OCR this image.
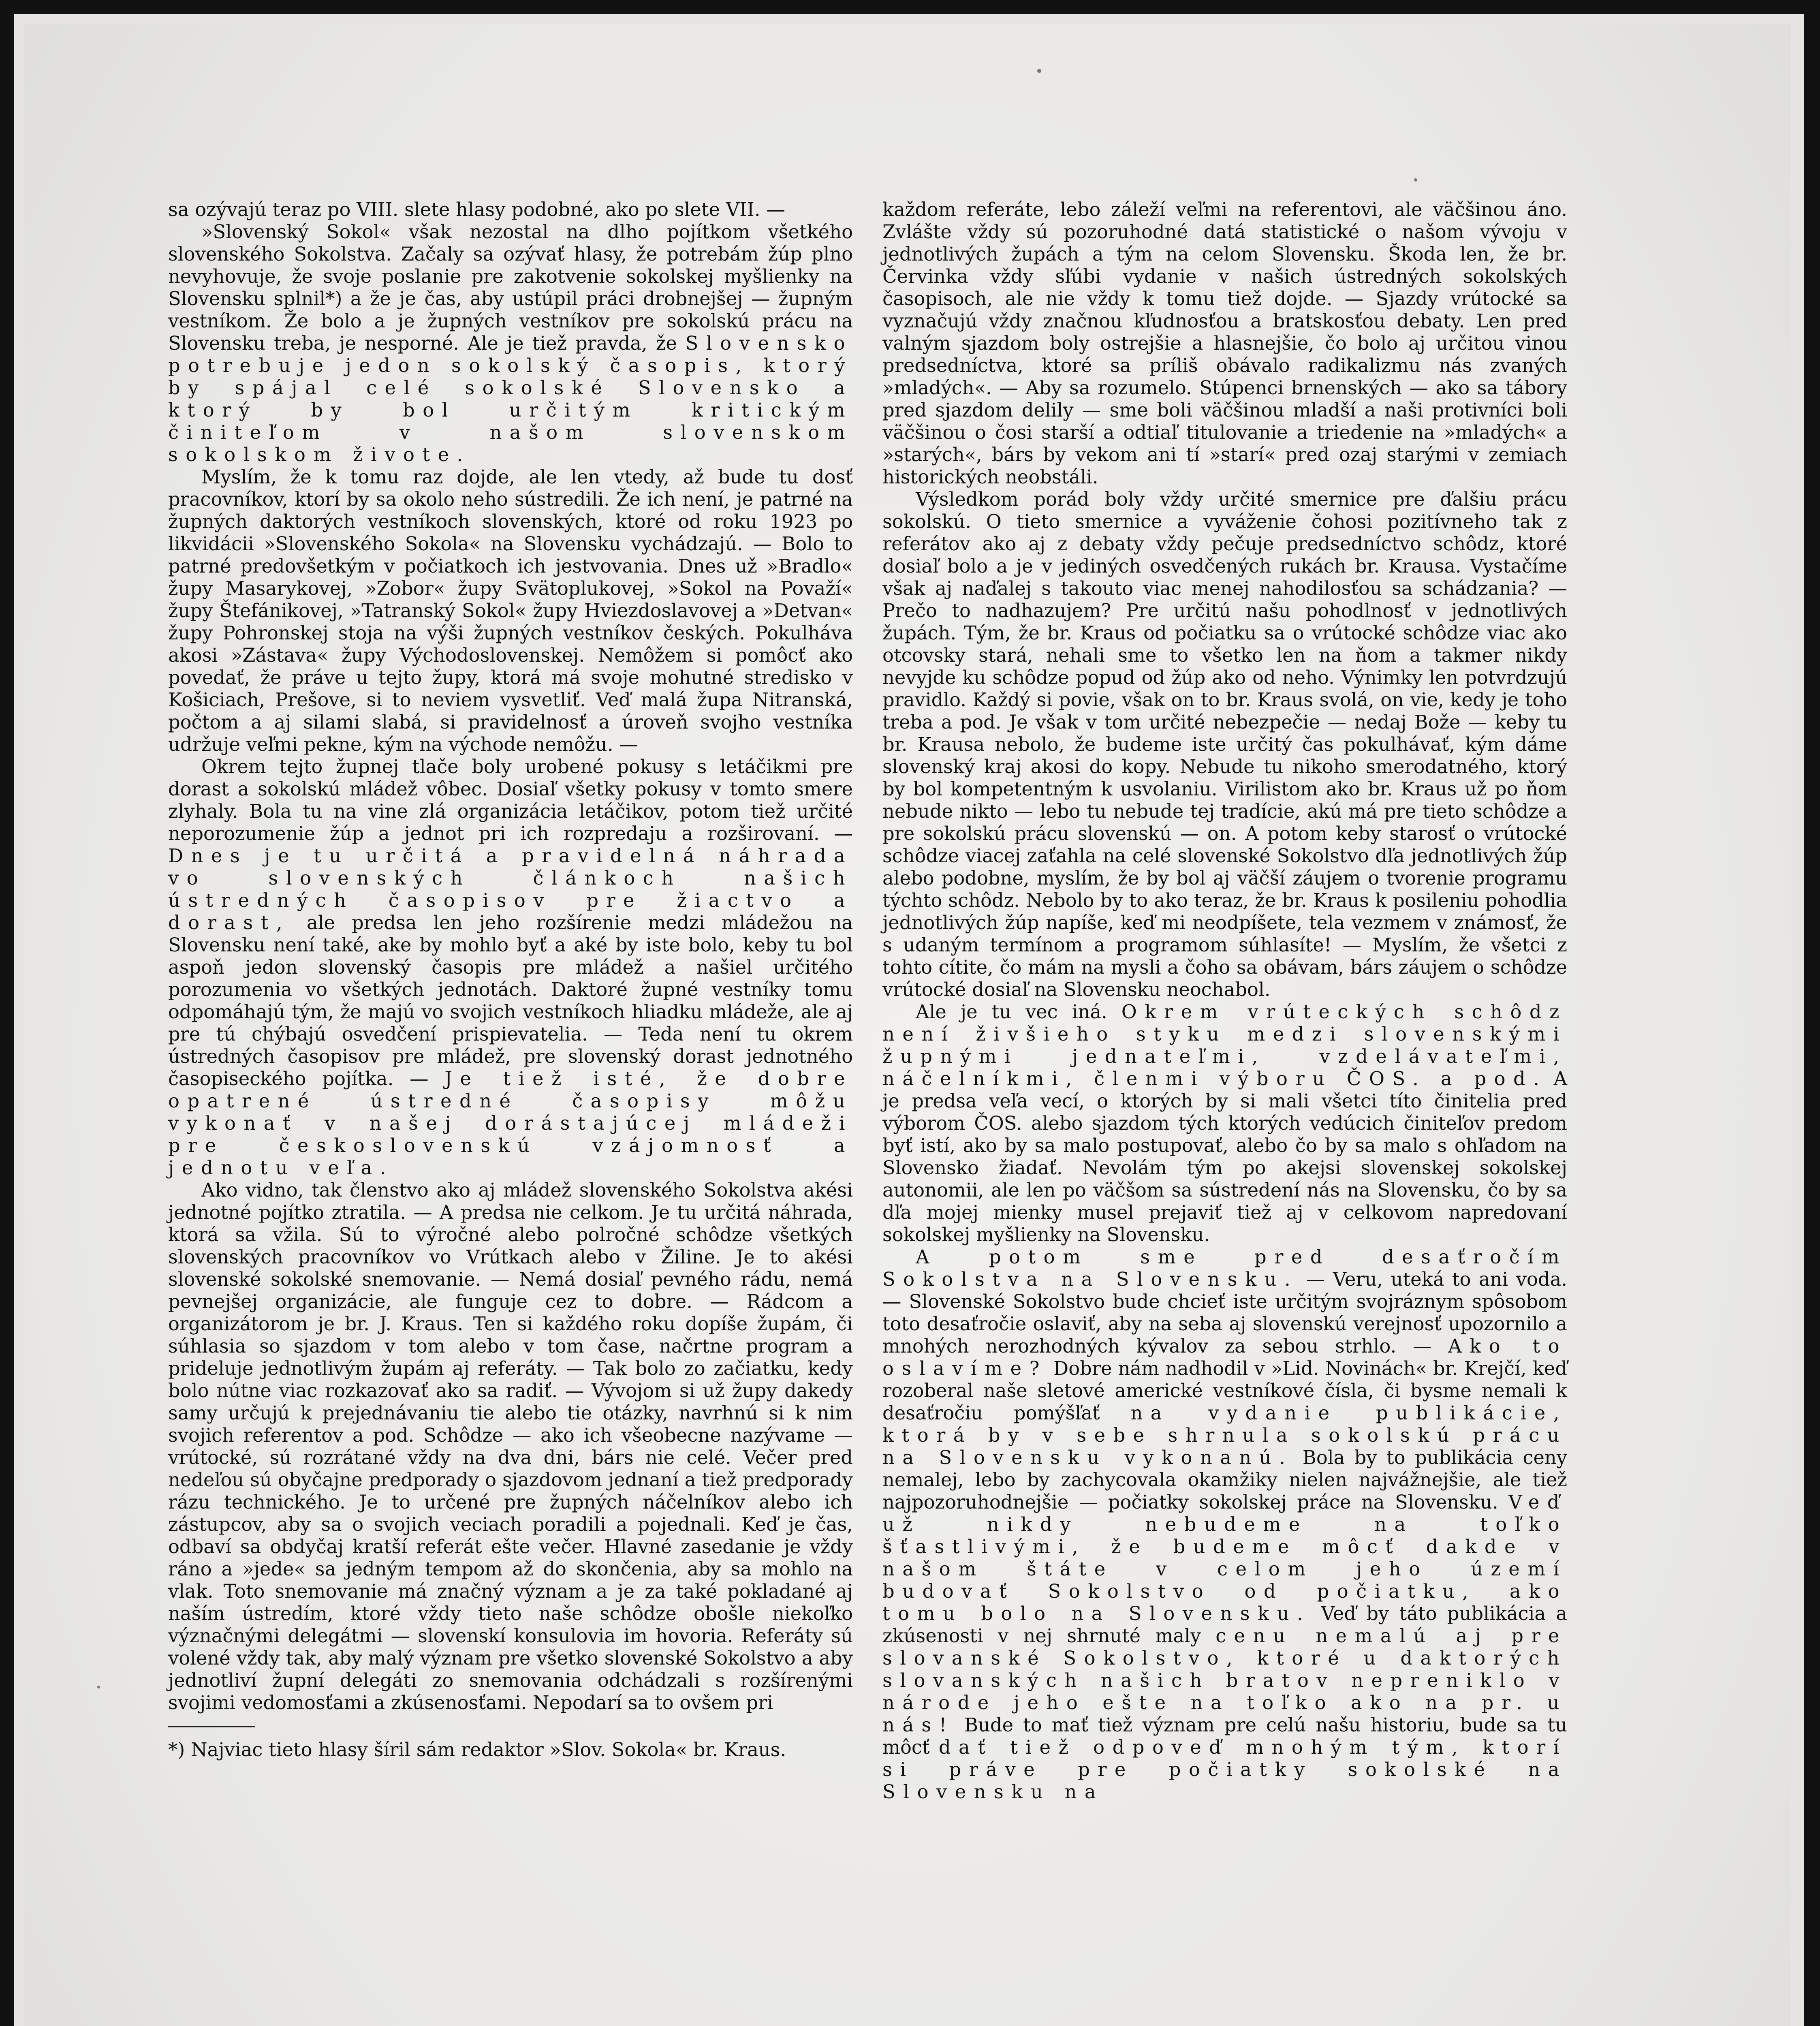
sa ozývajú teraz po VIII. slete hlasy podobné, ako po slete VII. —

»Slovenský Sokol« však nezostal na dlho pojítkom všetkého slovenského Sokolstva. Začaly sa ozývať hlasy, že potrebám žúp plno nevyhovuje, že svoje poslanie pre zakotvenie sokolskej myšlienky na Slovensku splnil*) a že je čas, aby ustúpil práci drobnejšej — župným vestníkom. Že bolo a je župných vestníkov pre sokolskú prácu na Slovensku treba, je nesporné. Ale je tiež pravda, že Slovensko potrebuje jedon sokolský časopis, ktorý by spájal celé sokolské Slovensko a ktorý by bol určitým kritickým činiteľom v našom slovenskom sokolskom živote.

Myslím, že k tomu raz dojde, ale len vtedy, až bude tu dosť pracovníkov, ktorí by sa okolo neho sústredili. Že ich není, je patrné na župných daktorých vestníkoch slovenských, ktoré od roku 1923 po likvidácii »Slovenského Sokola« na Slovensku vychádzajú. — Bolo to patrné predovšetkým v počiatkoch ich jestvovania. Dnes už »Bradlo« župy Masarykovej, »Zobor« župy Svätoplukovej, »Sokol na Považí« župy Štefánikovej, »Tatranský Sokol« župy Hviezdoslavovej a »Detvan« župy Pohronskej stoja na výši župných vestníkov českých. Pokulháva akosi »Zástava« župy Východoslovenskej. Nemôžem si pomôcť ako povedať, že práve u tejto župy, ktorá má svoje mohutné stredisko v Košiciach, Prešove, si to neviem vysvetliť. Veď malá župa Nitranská, počtom a aj silami slabá, si pravidelnosť a úroveň svojho vestníka udržuje veľmi pekne, kým na východe nemôžu. —

Okrem tejto župnej tlače boly urobené pokusy s letáčikmi pre dorast a sokolskú mládež vôbec. Dosiaľ všetky pokusy v tomto smere zlyhaly. Bola tu na vine zlá organizácia letáčikov, potom tiež určité neporozumenie žúp a jednot pri ich rozpredaju a rozširovaní. — Dnes je tu určitá a pravidelná náhrada vo slovenských článkoch našich ústredných časopisov pre žiactvo a dorast, ale predsa len jeho rozšírenie medzi mládežou na Slovensku není také, ake by mohlo byť a aké by iste bolo, keby tu bol aspoň jedon slovenský časopis pre mládež a našiel určitého porozumenia vo všetkých jednotách. Daktoré župné vestníky tomu odpomáhajú tým, že majú vo svojich vestníkoch hliadku mládeže, ale aj pre tú chýbajú osvedčení prispievatelia. — Teda není tu okrem ústredných časopisov pre mládež, pre slovenský dorast jednotného časopiseckého pojítka. — Je tiež isté, že dobre opatrené ústredné časopisy môžu vykonať v našej dorástajúcej mládeži pre československú vzájomnosť a jednotu veľa.

Ako vidno, tak členstvo ako aj mládež slovenského Sokolstva akési jednotné pojítko ztratila. — A predsa nie celkom. Je tu určitá náhrada, ktorá sa vžila. Sú to výročné alebo polročné schôdze všetkých slovenských pracovníkov vo Vrútkach alebo v Žiline. Je to akési slovenské sokolské snemovanie. — Nemá dosiaľ pevného rádu, nemá pevnejšej organizácie, ale funguje cez to dobre. — Rádcom a organizátorom je br. J. Kraus. Ten si každého roku dopíše župám, či súhlasia so sjazdom v tom alebo v tom čase, načrtne program a prideluje jednotlivým župám aj referáty. — Tak bolo zo začiatku, kedy bolo nútne viac rozkazovať ako sa radiť. — Vývojom si už župy dakedy samy určujú k prejednávaniu tie alebo tie otázky, navrhnú si k nim svojich referentov a pod. Schôdze — ako ich všeobecne nazývame — vrútocké, sú rozrátané vždy na dva dni, bárs nie celé. Večer pred nedeľou sú obyčajne predporady o sjazdovom jednaní a tiež predporady rázu technického. Je to určené pre župných náčelníkov alebo ich zástupcov, aby sa o svojich veciach poradili a pojednali. Keď je čas, odbaví sa obdyčaj kratší referát ešte večer. Hlavné zasedanie je vždy ráno a »jede« sa jedným tempom až do skončenia, aby sa mohlo na vlak. Toto snemovanie má značný význam a je za také pokladané aj naším ústredím, ktoré vždy tieto naše schôdze obošle niekoľko význačnými delegátmi — slovenskí konsulovia im hovoria. Referáty sú volené vždy tak, aby malý význam pre všetko slovenské Sokolstvo a aby jednotliví župní delegáti zo snemovania odchádzali s rozšírenými svojimi vedomosťami a zkúsenosťami. Nepodarí sa to ovšem pri

*) Najviac tieto hlasy šíril sám redaktor »Slov. Sokola« br. Kraus.

každom referáte, lebo záleží veľmi na referentovi, ale väčšinou áno. Zvlášte vždy sú pozoruhodné datá statistické o našom vývoju v jednotlivých župách a tým na celom Slovensku. Škoda len, že br. Červinka vždy sľúbi vydanie v našich ústredných sokolských časopisoch, ale nie vždy k tomu tiež dojde. — Sjazdy vrútocké sa vyznačujú vždy značnou kľudnosťou a bratskosťou debaty. Len pred valným sjazdom boly ostrejšie a hlasnejšie, čo bolo aj určitou vinou predsedníctva, ktoré sa príliš obávalo radikalizmu nás zvaných »mladých«. — Aby sa rozumelo. Stúpenci brnenských — ako sa tábory pred sjazdom delily — sme boli väčšinou mladší a naši protivníci boli väčšinou o čosi starší a odtiaľ titulovanie a triedenie na »mladých« a »starých«, bárs by vekom ani tí »starí« pred ozaj starými v zemiach historických neobstáli.

Výsledkom porád boly vždy určité smernice pre ďalšiu prácu sokolskú. O tieto smernice a vyváženie čohosi pozitívneho tak z referátov ako aj z debaty vždy pečuje predsedníctvo schôdz, ktoré dosiaľ bolo a je v jediných osvedčených rukách br. Krausa. Vystačíme však aj naďalej s takouto viac menej nahodilosťou sa schádzania? — Prečo to nadhazujem? Pre určitú našu pohodlnosť v jednotlivých župách. Tým, že br. Kraus od počiatku sa o vrútocké schôdze viac ako otcovsky stará, nehali sme to všetko len na ňom a takmer nikdy nevyjde ku schôdze popud od žúp ako od neho. Výnimky len potvrdzujú pravidlo. Každý si povie, však on to br. Kraus svolá, on vie, kedy je toho treba a pod. Je však v tom určité nebezpečie — nedaj Bože — keby tu br. Krausa nebolo, že budeme iste určitý čas pokulhávať, kým dáme slovenský kraj akosi do kopy. Nebude tu nikoho smerodatného, ktorý by bol kompetentným k usvolaniu. Virilistom ako br. Kraus už po ňom nebude nikto — lebo tu nebude tej tradície, akú má pre tieto schôdze a pre sokolskú prácu slovenskú — on. A potom keby starosť o vrútocké schôdze viacej zaťahla na celé slovenské Sokolstvo dľa jednotlivých žúp alebo podobne, myslím, že by bol aj väčší záujem o tvorenie programu týchto schôdz. Nebolo by to ako teraz, že br. Kraus k posileniu pohodlia jednotlivých žúp napíše, keď mi neodpíšete, tela vezmem v známosť, že s udaným termínom a programom súhlasíte! — Myslím, že všetci z tohto cítite, čo mám na mysli a čoho sa obávam, bárs záujem o schôdze vrútocké dosiaľ na Slovensku neochabol.

Ale je tu vec iná. Okrem vrúteckých schôdz není živšieho styku medzi slovenskými župnými jednateľmi, vzdelávateľmi, náčelníkmi, členmi výboru ČOS. a pod. A je predsa veľa vecí, o ktorých by si mali všetci títo činitelia pred výborom ČOS. alebo sjazdom tých ktorých vedúcich činiteľov predom byť istí, ako by sa malo postupovať, alebo čo by sa malo s ohľadom na Slovensko žiadať. Nevolám tým po akejsi slovenskej sokolskej autonomii, ale len po väčšom sa sústredení nás na Slovensku, čo by sa dľa mojej mienky musel prejaviť tiež aj v celkovom napredovaní sokolskej myšlienky na Slovensku.

A potom sme pred desaťročím Sokolstva na Slovensku. — Veru, uteká to ani voda. — Slovenské Sokolstvo bude chcieť iste určitým svojráznym spôsobom toto desaťročie oslaviť, aby na seba aj slovenskú verejnosť upozornilo a mnohých nerozhodných kývalov za sebou strhlo. — Ako to oslavíme? Dobre nám nadhodil v »Lid. Novinách« br. Krejčí, keď rozoberal naše sletové americké vestníkové čísla, či bysme nemali k desaťročiu pomýšľať na vydanie publikácie, ktorá by v sebe shrnula sokolskú prácu na Slovensku vykonanú. Bola by to publikácia ceny nemalej, lebo by zachycovala okamžiky nielen najvážnejšie, ale tiež najpozoruhodnejšie — počiatky sokolskej práce na Slovensku. Veď už nikdy nebudeme na toľko šťastlivými, že budeme môcť dakde v našom štáte v celom jeho území budovať Sokolstvo od počiatku, ako tomu bolo na Slovensku. Veď by táto publikácia a zkúsenosti v nej shrnuté maly cenu nemalú aj pre slovanské Sokolstvo, ktoré u daktorých slovanských našich bratov nepreniklo v národe jeho ešte na toľko ako na pr. u nás! Bude to mať tiež význam pre celú našu historiu, bude sa tu môcť dať tiež odpoveď mnohým tým, ktorí si práve pre počiatky sokolské na Slovensku na
